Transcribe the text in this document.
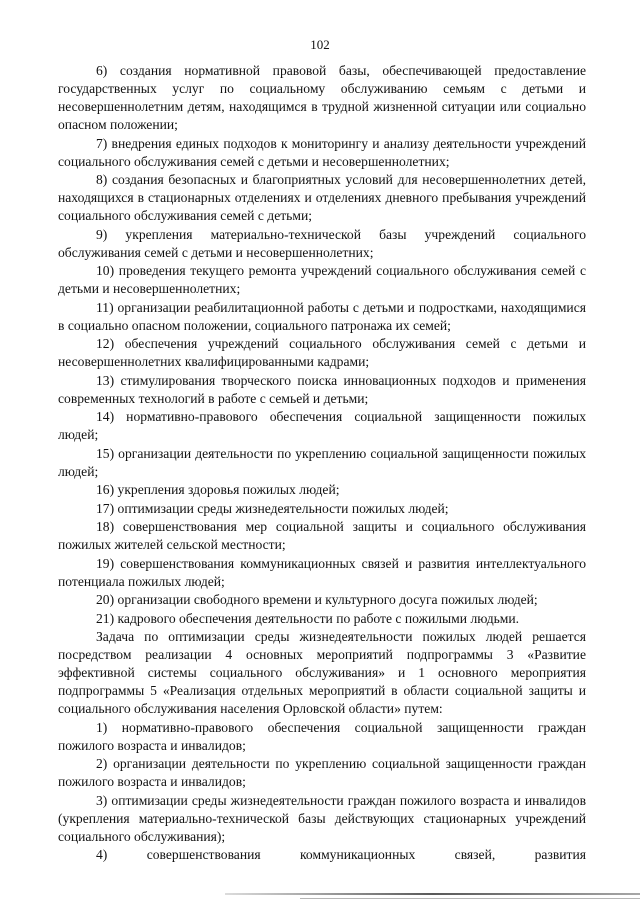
102

6) создания нормативной правовой базы, обеспечивающей предоставление государственных услуг по социальному обслуживанию семьям с детьми и несовершеннолетним детям, находящимся в трудной жизненной ситуации или социально опасном положении;

7) внедрения единых подходов к мониторингу и анализу деятельности учреждений социального обслуживания семей с детьми и несовершеннолетних;

8) создания безопасных и благоприятных условий для несовершеннолетних детей, находящихся в стационарных отделениях и отделениях дневного пребывания учреждений социального обслуживания семей с детьми;

9) укрепления материально-технической базы учреждений социального обслуживания семей с детьми и несовершеннолетних;

10) проведения текущего ремонта учреждений социального обслуживания семей с детьми и несовершеннолетних;

11) организации реабилитационной работы с детьми и подростками, находящимися в социально опасном положении, социального патронажа их семей;

12) обеспечения учреждений социального обслуживания семей с детьми и несовершеннолетних квалифицированными кадрами;

13) стимулирования творческого поиска инновационных подходов и применения современных технологий в работе с семьей и детьми;

14) нормативно-правового обеспечения социальной защищенности пожилых людей;

15) организации деятельности по укреплению социальной защищенности пожилых людей;

16) укрепления здоровья пожилых людей;

17) оптимизации среды жизнедеятельности пожилых людей;

18) совершенствования мер социальной защиты и социального обслуживания пожилых жителей сельской местности;

19) совершенствования коммуникационных связей и развития интеллектуального потенциала пожилых людей;

20) организации свободного времени и культурного досуга пожилых людей;

21) кадрового обеспечения деятельности по работе с пожилыми людьми.

Задача по оптимизации среды жизнедеятельности пожилых людей решается посредством реализации 4 основных мероприятий подпрограммы 3 «Развитие эффективной системы социального обслуживания» и 1 основного мероприятия подпрограммы 5 «Реализация отдельных мероприятий в области социальной защиты и социального обслуживания населения Орловской области» путем:

1) нормативно-правового обеспечения социальной защищенности граждан пожилого возраста и инвалидов;

2) организации деятельности по укреплению социальной защищенности граждан пожилого возраста и инвалидов;

3) оптимизации среды жизнедеятельности граждан пожилого возраста и инвалидов (укрепления материально-технической базы действующих стационарных учреждений социального обслуживания);

4) совершенствования коммуникационных связей, развития
